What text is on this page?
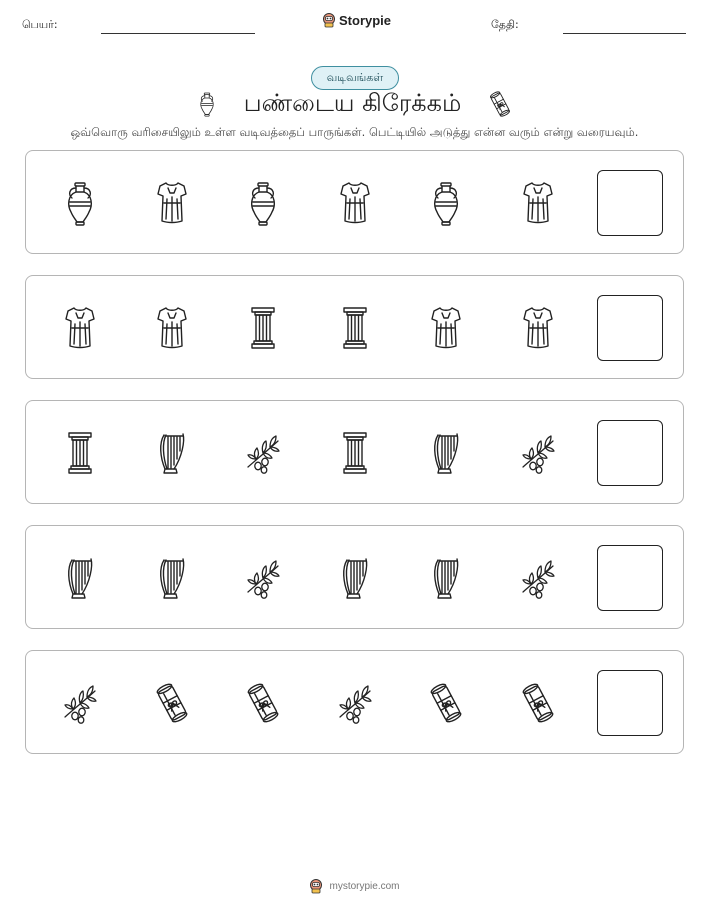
பெயர்:	Storypie	தேதி:
வடிவங்கள்
பண்டைய கிரேக்கம்
ஒவ்வொரு வரிசையிலும் உள்ள வடிவத்தைப் பாருங்கள். பெட்டியில் அடுத்து என்ன வரும் என்று வரையவும்.
mystorypie.com
